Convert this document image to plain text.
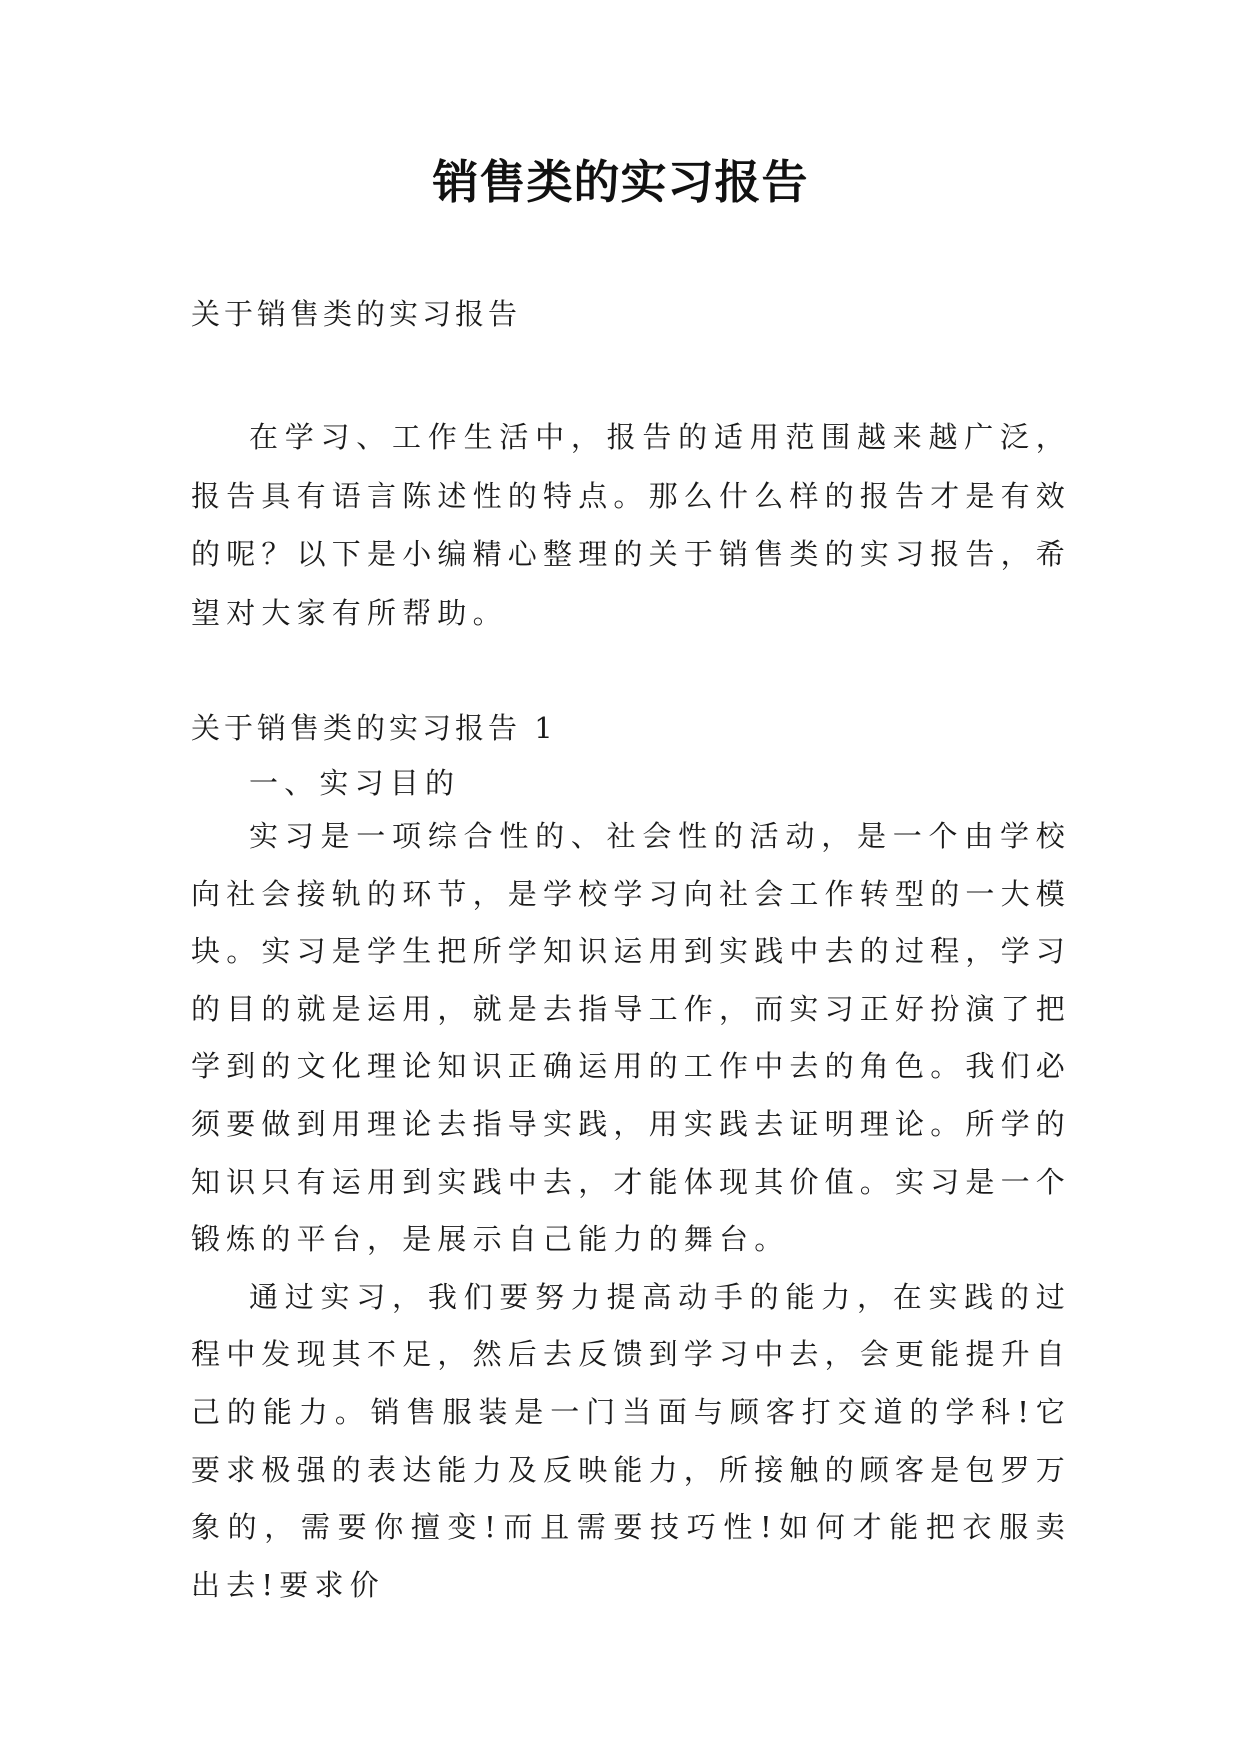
销售类的实习报告
关于销售类的实习报告

在学习、工作生活中，报告的适用范围越来越广泛，报告具有语言陈述性的特点。那么什么样的报告才是有效的呢？以下是小编精心整理的关于销售类的实习报告，希望对大家有所帮助。

关于销售类的实习报告 1

一、实习目的

实习是一项综合性的、社会性的活动，是一个由学校向社会接轨的环节，是学校学习向社会工作转型的一大模块。实习是学生把所学知识运用到实践中去的过程，学习的目的就是运用，就是去指导工作，而实习正好扮演了把学到的文化理论知识正确运用的工作中去的角色。我们必须要做到用理论去指导实践，用实践去证明理论。所学的知识只有运用到实践中去，才能体现其价值。实习是一个锻炼的平台，是展示自己能力的舞台。

通过实习，我们要努力提高动手的能力，在实践的过程中发现其不足，然后去反馈到学习中去，会更能提升自己的能力。销售服装是一门当面与顾客打交道的学科!它要求极强的表达能力及反映能力，所接触的顾客是包罗万象的，需要你擅变!而且需要技巧性!如何才能把衣服卖出去!要求价
